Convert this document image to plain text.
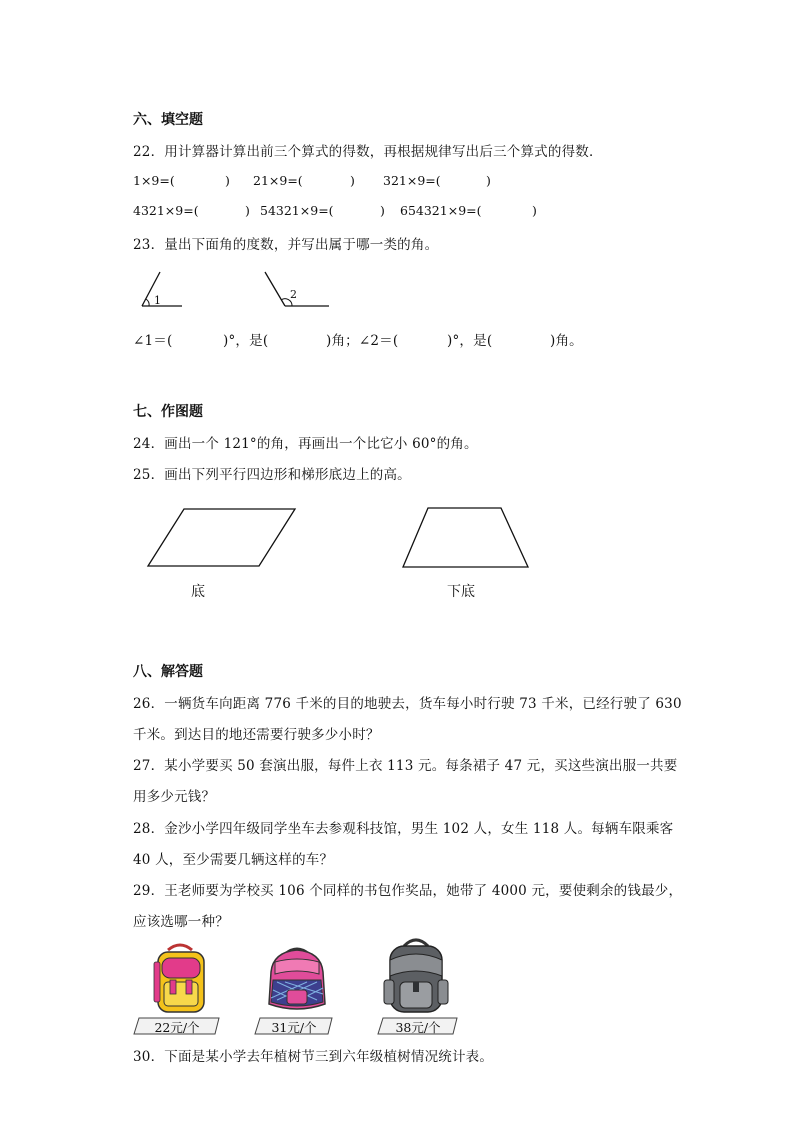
六、填空题
22．用计算器计算出前三个算式的得数，再根据规律写出后三个算式的得数．
1×9=(	) 21×9=(	) 321×9=(	)
4321×9=(	) 54321×9=(	) 654321×9=(	)
23．量出下面角的度数，并写出属于哪一类的角。
1	2
∠1＝(	)°，是(	)角；∠2＝(	)°，是(	)角。
七、作图题
24．画出一个 121°的角，再画出一个比它小 60°的角。
25．画出下列平行四边形和梯形底边上的高。
底	下底
八、解答题
26．一辆货车向距离 776 千米的目的地驶去，货车每小时行驶 73 千米，已经行驶了 630
千米。到达目的地还需要行驶多少小时？
27．某小学要买 50 套演出服，每件上衣 113 元。每条裙子 47 元，买这些演出服一共要
用多少元钱？
28．金沙小学四年级同学坐车去参观科技馆，男生 102 人，女生 118 人。每辆车限乘客
40 人，至少需要几辆这样的车？
29．王老师要为学校买 106 个同样的书包作奖品，她带了 4000 元，要使剩余的钱最少，
应该选哪一种？
22元/个	31元/个	38元/个
30．下面是某小学去年植树节三到六年级植树情况统计表。
